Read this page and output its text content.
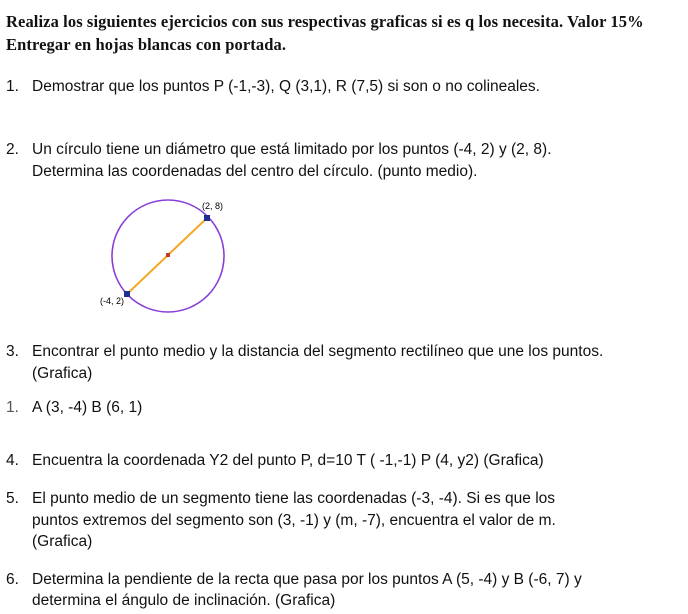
Realiza los siguientes ejercicios con sus respectivas graficas si es q los necesita. Valor 15%
Entregar en hojas blancas con portada.
1. Demostrar que los puntos P (-1,-3), Q (3,1), R (7,5) si son o no colineales.
2. Un círculo tiene un diámetro que está limitado por los puntos (-4, 2) y (2, 8).
Determina las coordenadas del centro del círculo. (punto medio).
(2, 8)
(-4, 2)
3. Encontrar el punto medio y la distancia del segmento rectilíneo que une los puntos.
(Grafica)
1. A (3, -4) B (6, 1)
4. Encuentra la coordenada Y2 del punto P, d=10 T ( -1,-1) P (4, y2) (Grafica)
5. El punto medio de un segmento tiene las coordenadas (-3, -4). Si es que los
puntos extremos del segmento son (3, -1) y (m, -7), encuentra el valor de m.
(Grafica)
6. Determina la pendiente de la recta que pasa por los puntos A (5, -4) y B (-6, 7) y
determina el ángulo de inclinación. (Grafica)
